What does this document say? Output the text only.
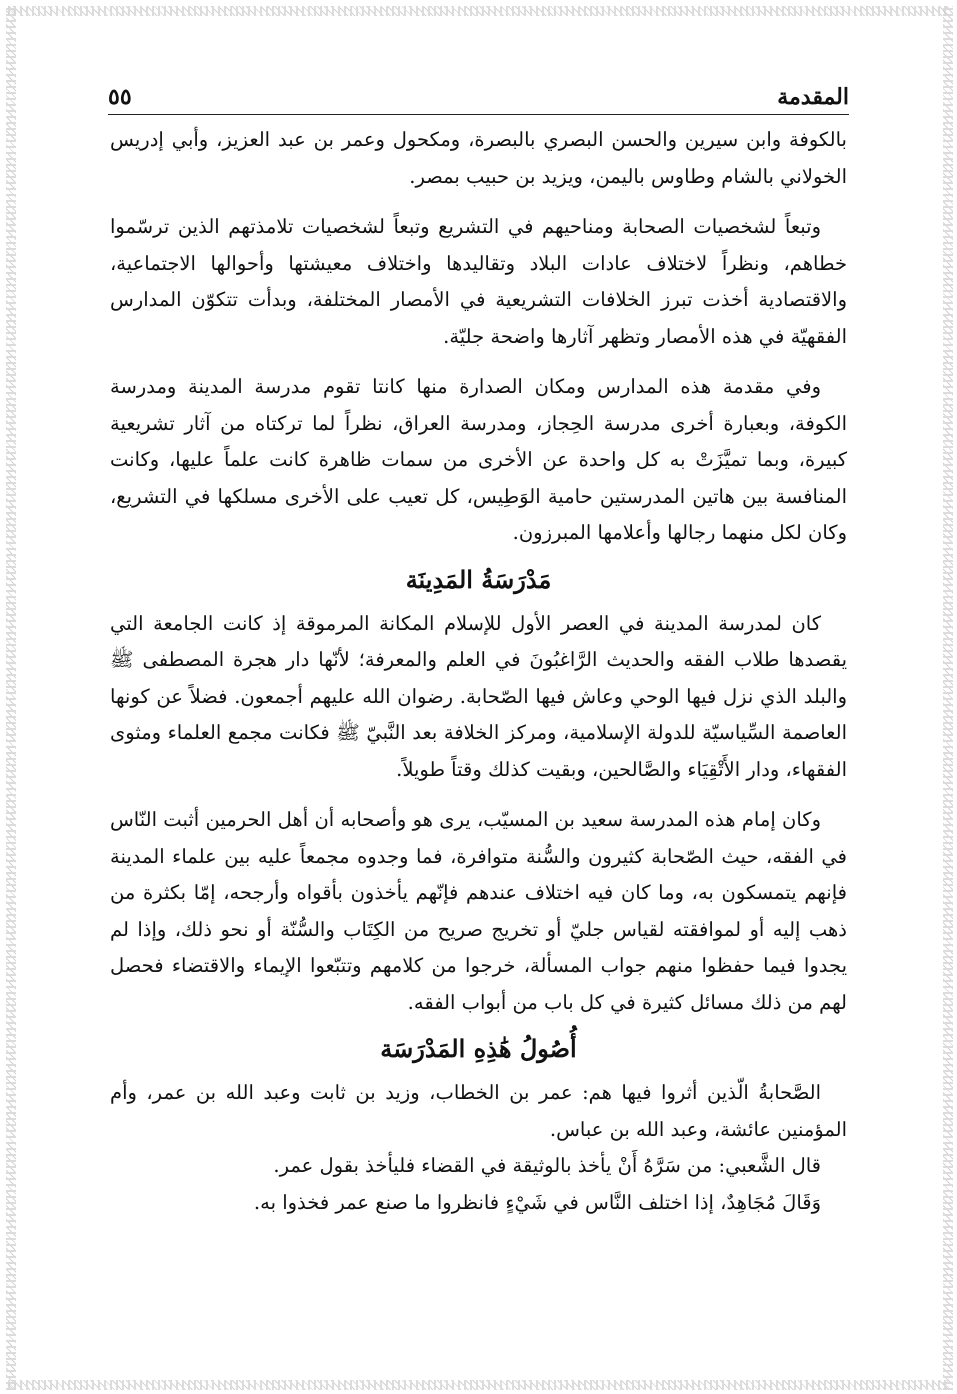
٥٥	المقدمة

بالكوفة وابن سيرين والحسن البصري بالبصرة، ومكحول وعمر بن عبد العزيز، وأبي إدريس الخولاني بالشام وطاوس باليمن، ويزيد بن حبيب بمصر.

وتبعاً لشخصيات الصحابة ومناحيهم في التشريع وتبعاً لشخصيات تلامذتهم الذين ترسّموا خطاهم، ونظراً لاختلاف عادات البلاد وتقاليدها واختلاف معيشتها وأحوالها الاجتماعية، والاقتصادية أخذت تبرز الخلافات التشريعية في الأمصار المختلفة، وبدأت تتكوّن المدارس الفقهيّة في هذه الأمصار وتظهر آثارها واضحة جليّة.

وفي مقدمة هذه المدارس ومكان الصدارة منها كانتا تقوم مدرسة المدينة ومدرسة الكوفة، وبعبارة أخرى مدرسة الحِجاز، ومدرسة العراق، نظراً لما تركتاه من آثار تشريعية كبيرة، وبما تميَّزَتْ به كل واحدة عن الأخرى من سمات ظاهرة كانت علماً عليها، وكانت المنافسة بين هاتين المدرستين حامية الوَطِيس، كل تعيب على الأخرى مسلكها في التشريع، وكان لكل منهما رجالها وأعلامها المبرزون.

مَدْرَسَةُ المَدِينَة

كان لمدرسة المدينة في العصر الأول للإسلام المكانة المرموقة إذ كانت الجامعة التي يقصدها طلاب الفقه والحديث الرَّاغبُونَ في العلم والمعرفة؛ لأنّها دار هجرة المصطفى ﷺ والبلد الذي نزل فيها الوحي وعاش فيها الصّحابة. رضوان الله عليهم أجمعون. فضلاً عن كونها العاصمة السِّياسيّة للدولة الإسلامية، ومركز الخلافة بعد النَّبيّ ﷺ فكانت مجمع العلماء ومثوى الفقهاء، ودار الأَتْقِيَاء والصَّالحين، وبقيت كذلك وقتاً طويلاً.

وكان إمام هذه المدرسة سعيد بن المسيّب، يرى هو وأصحابه أن أهل الحرمين أثبت النّاس في الفقه، حيث الصّحابة كثيرون والسُّنة متوافرة، فما وجدوه مجمعاً عليه بين علماء المدينة فإنهم يتمسكون به، وما كان فيه اختلاف عندهم فإنّهم يأخذون بأقواه وأرجحه، إمّا بكثرة من ذهب إليه أو لموافقته لقياس جليّ أو تخريج صريح من الكِتَاب والسُّنّة أو نحو ذلك، وإذا لم يجدوا فيما حفظوا منهم جواب المسألة، خرجوا من كلامهم وتتبّعوا الإيماء والاقتضاء فحصل لهم من ذلك مسائل كثيرة في كل باب من أبواب الفقه.

أُصُولُ هَٰذِهِ المَدْرَسَة

الصَّحابةُ الّذين أثروا فيها هم: عمر بن الخطاب، وزيد بن ثابت وعبد الله بن عمر، وأم المؤمنين عائشة، وعبد الله بن عباس.

قال الشَّعبي: من سَرَّهُ أَنْ يأخذ بالوثيقة في القضاء فليأخذ بقول عمر.

وَقَالَ مُجَاهِدٌ، إذا اختلف النَّاس في شَيْءٍ فانظروا ما صنع عمر فخذوا به.
